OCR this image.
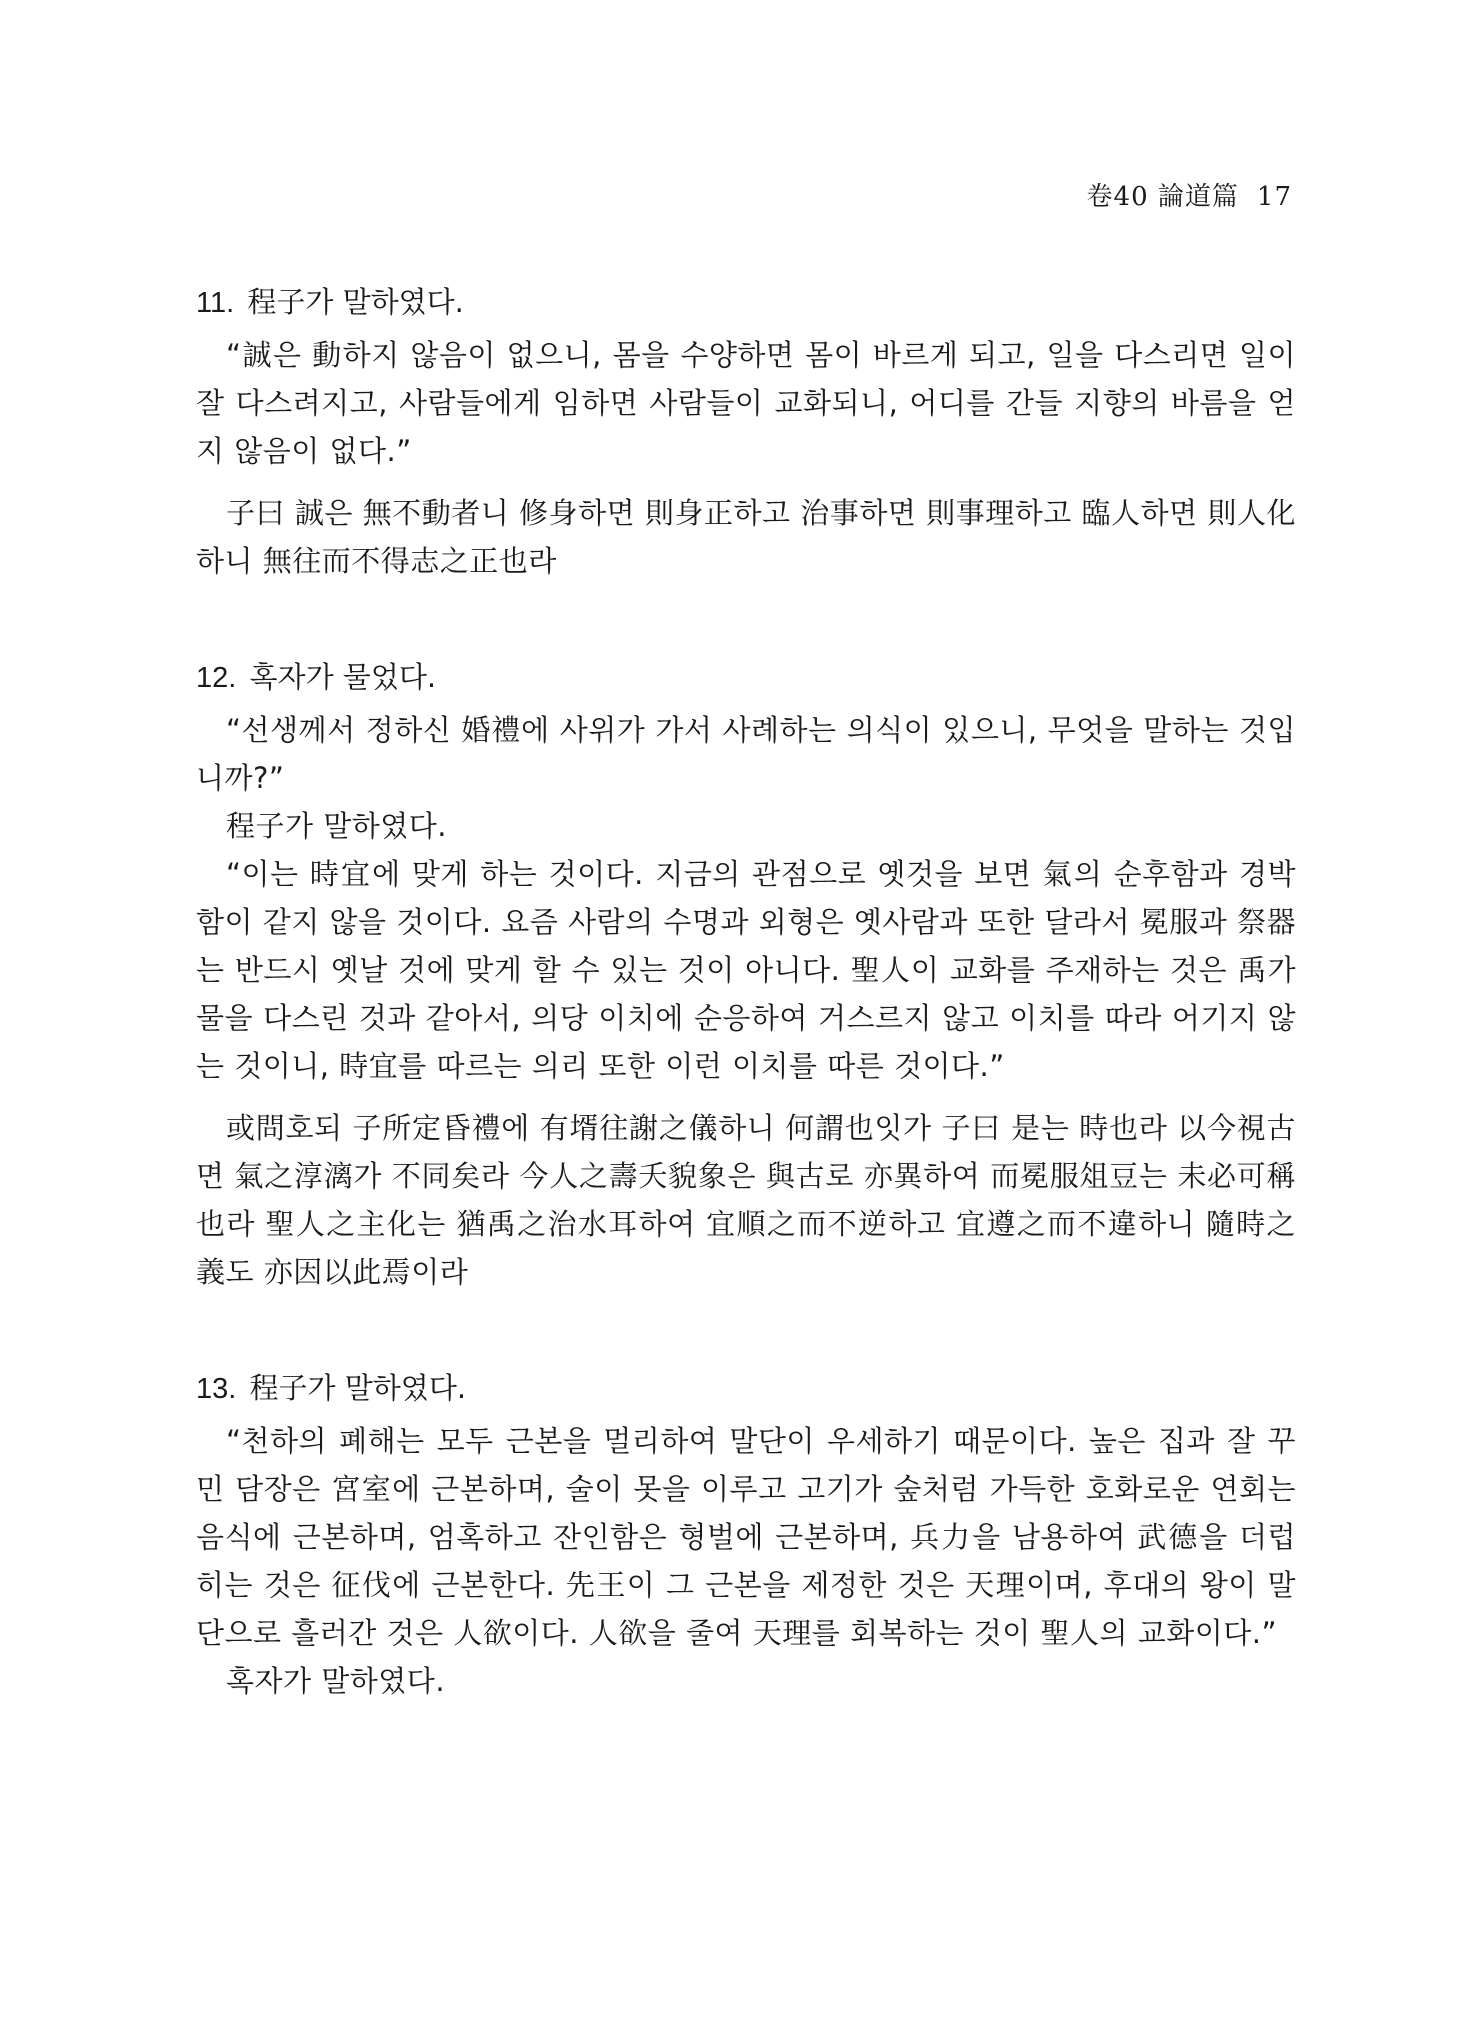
卷40 論道篇 17

11. 程子가 말하였다.

“誠은 動하지 않음이 없으니, 몸을 수양하면 몸이 바르게 되고, 일을 다스리면 일이 잘 다스려지고, 사람들에게 임하면 사람들이 교화되니, 어디를 간들 지향의 바름을 얻지 않음이 없다.”

子曰 誠은 無不動者니 修身하면 則身正하고 治事하면 則事理하고 臨人하면 則人化하니 無往而不得志之正也라

12. 혹자가 물었다.

“선생께서 정하신 婚禮에 사위가 가서 사례하는 의식이 있으니, 무엇을 말하는 것입니까?”

程子가 말하였다.

“이는 時宜에 맞게 하는 것이다. 지금의 관점으로 옛것을 보면 氣의 순후함과 경박함이 같지 않을 것이다. 요즘 사람의 수명과 외형은 옛사람과 또한 달라서 冕服과 祭器는 반드시 옛날 것에 맞게 할 수 있는 것이 아니다. 聖人이 교화를 주재하는 것은 禹가 물을 다스린 것과 같아서, 의당 이치에 순응하여 거스르지 않고 이치를 따라 어기지 않는 것이니, 時宜를 따르는 의리 또한 이런 이치를 따른 것이다.”

或問호되 子所定昏禮에 有壻往謝之儀하니 何謂也잇가 子曰 是는 時也라 以今視古면 氣之淳漓가 不同矣라 今人之壽夭貌象은 與古로 亦異하여 而冕服俎豆는 未必可稱也라 聖人之主化는 猶禹之治水耳하여 宜順之而不逆하고 宜遵之而不違하니 隨時之義도 亦因以此焉이라

13. 程子가 말하였다.

“천하의 폐해는 모두 근본을 멀리하여 말단이 우세하기 때문이다. 높은 집과 잘 꾸민 담장은 宮室에 근본하며, 술이 못을 이루고 고기가 숲처럼 가득한 호화로운 연회는 음식에 근본하며, 엄혹하고 잔인함은 형벌에 근본하며, 兵力을 남용하여 武德을 더럽히는 것은 征伐에 근본한다. 先王이 그 근본을 제정한 것은 天理이며, 후대의 왕이 말단으로 흘러간 것은 人欲이다. 人欲을 줄여 天理를 회복하는 것이 聖人의 교화이다.”

혹자가 말하였다.
